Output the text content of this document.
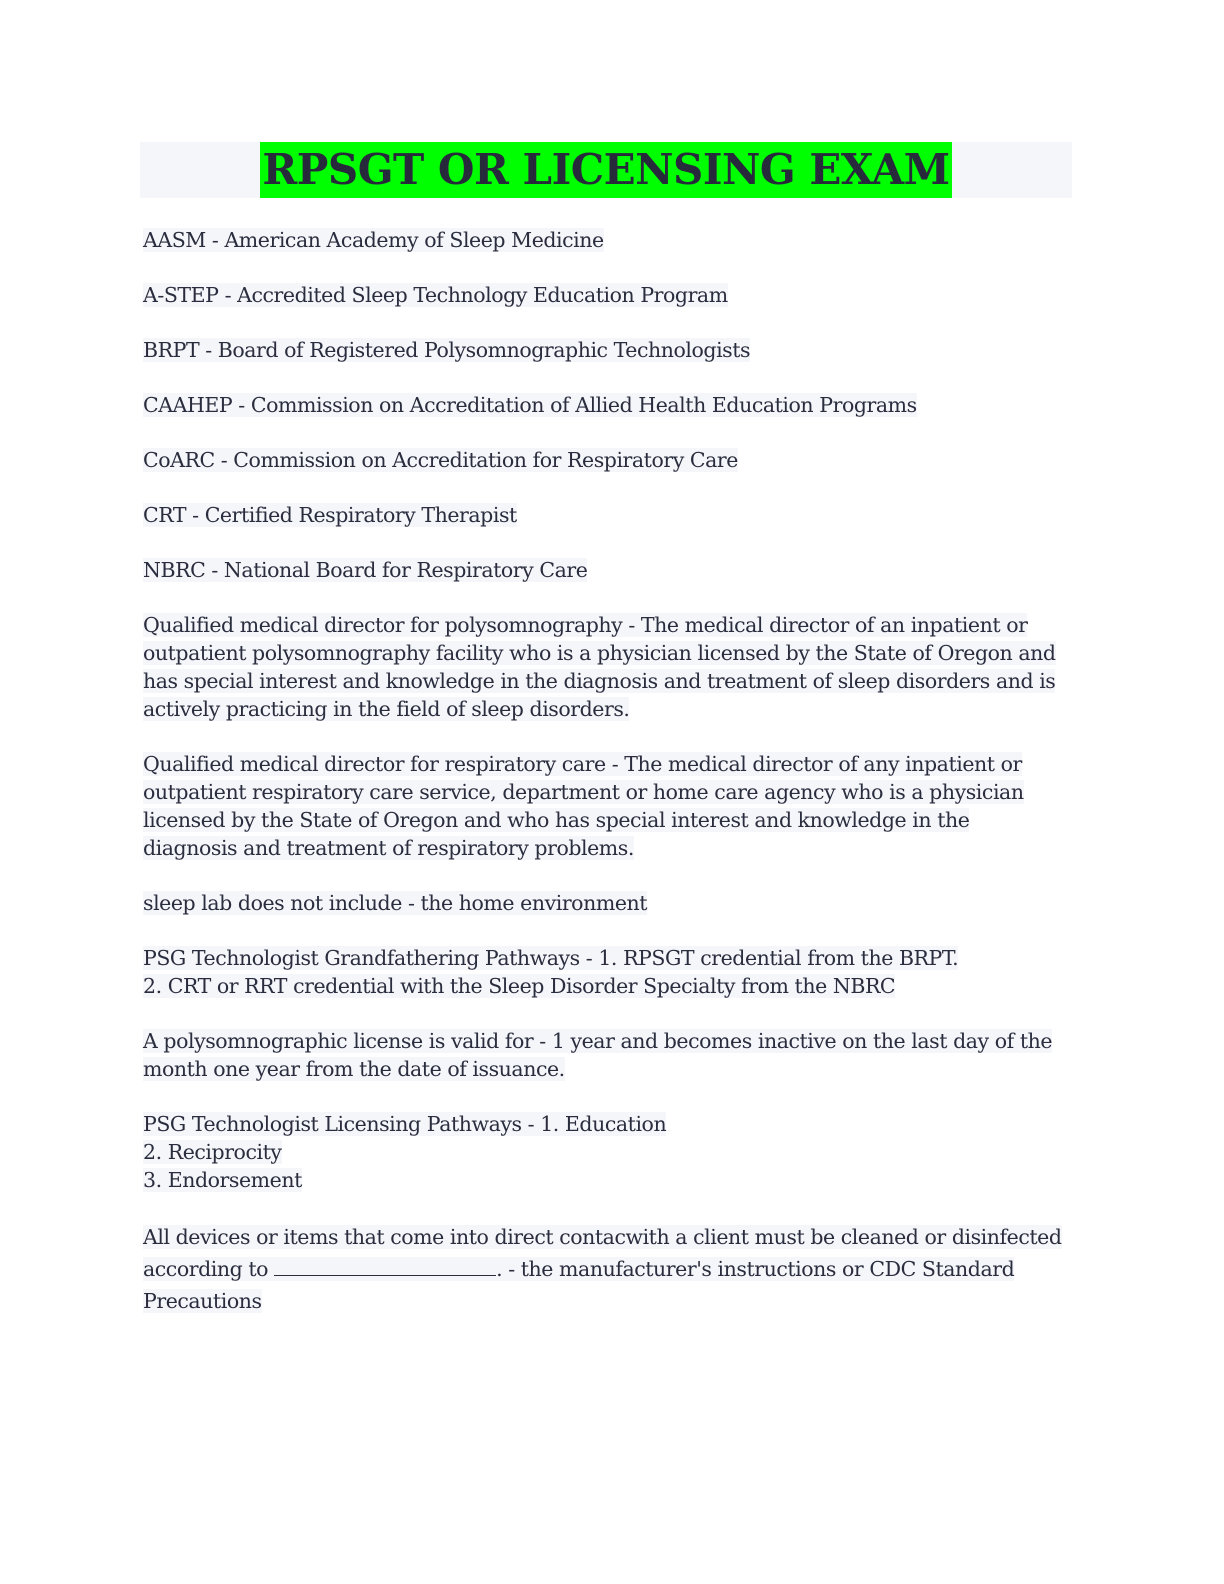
RPSGT OR LICENSING EXAM
AASM - American Academy of Sleep Medicine
A-STEP - Accredited Sleep Technology Education Program
BRPT - Board of Registered Polysomnographic Technologists
CAAHEP - Commission on Accreditation of Allied Health Education Programs
CoARC - Commission on Accreditation for Respiratory Care
CRT - Certified Respiratory Therapist
NBRC - National Board for Respiratory Care
Qualified medical director for polysomnography - The medical director of an inpatient or
outpatient polysomnography facility who is a physician licensed by the State of Oregon and
has special interest and knowledge in the diagnosis and treatment of sleep disorders and is
actively practicing in the field of sleep disorders.
Qualified medical director for respiratory care - The medical director of any inpatient or
outpatient respiratory care service, department or home care agency who is a physician
licensed by the State of Oregon and who has special interest and knowledge in the
diagnosis and treatment of respiratory problems.
sleep lab does not include - the home environment
PSG Technologist Grandfathering Pathways - 1. RPSGT credential from the BRPT.
2. CRT or RRT credential with the Sleep Disorder Specialty from the NBRC
A polysomnographic license is valid for - 1 year and becomes inactive on the last day of the
month one year from the date of issuance.
PSG Technologist Licensing Pathways - 1. Education
2. Reciprocity
3. Endorsement
All devices or items that come into direct contacwith a client must be cleaned or disinfected
according to	. - the manufacturer's instructions or CDC Standard
Precautions
